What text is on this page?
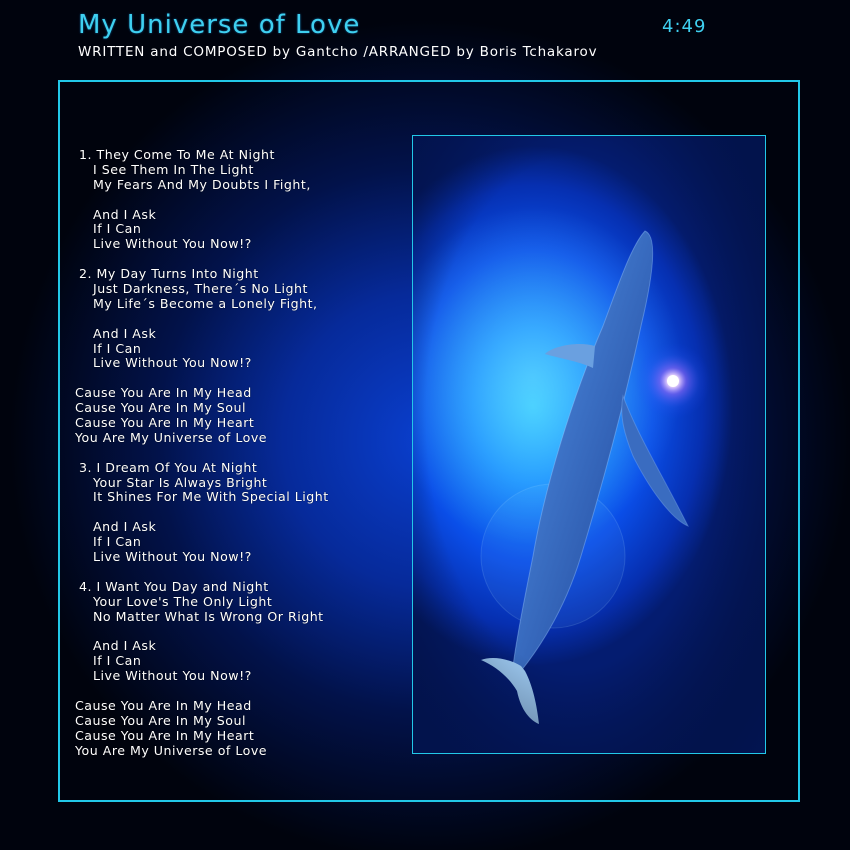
My Universe of Love	4:49
WRITTEN and COMPOSED by Gantcho /ARRANGED by Boris Tchakarov
1. They Come To Me At Night
I See Them In The Light
My Fears And My Doubts I Fight,
And I Ask
If I Can
Live Without You Now!?
2. My Day Turns Into Night
Just Darkness, There´s No Light
My Life´s Become a Lonely Fight,
And I Ask
If I Can
Live Without You Now!?
Cause You Are In My Head
Cause You Are In My Soul
Cause You Are In My Heart
You Are My Universe of Love
3. I Dream Of You At Night
Your Star Is Always Bright
It Shines For Me With Special Light
And I Ask
If I Can
Live Without You Now!?
4. I Want You Day and Night
Your Love's The Only Light
No Matter What Is Wrong Or Right
And I Ask
If I Can
Live Without You Now!?
Cause You Are In My Head
Cause You Are In My Soul
Cause You Are In My Heart
You Are My Universe of Love
